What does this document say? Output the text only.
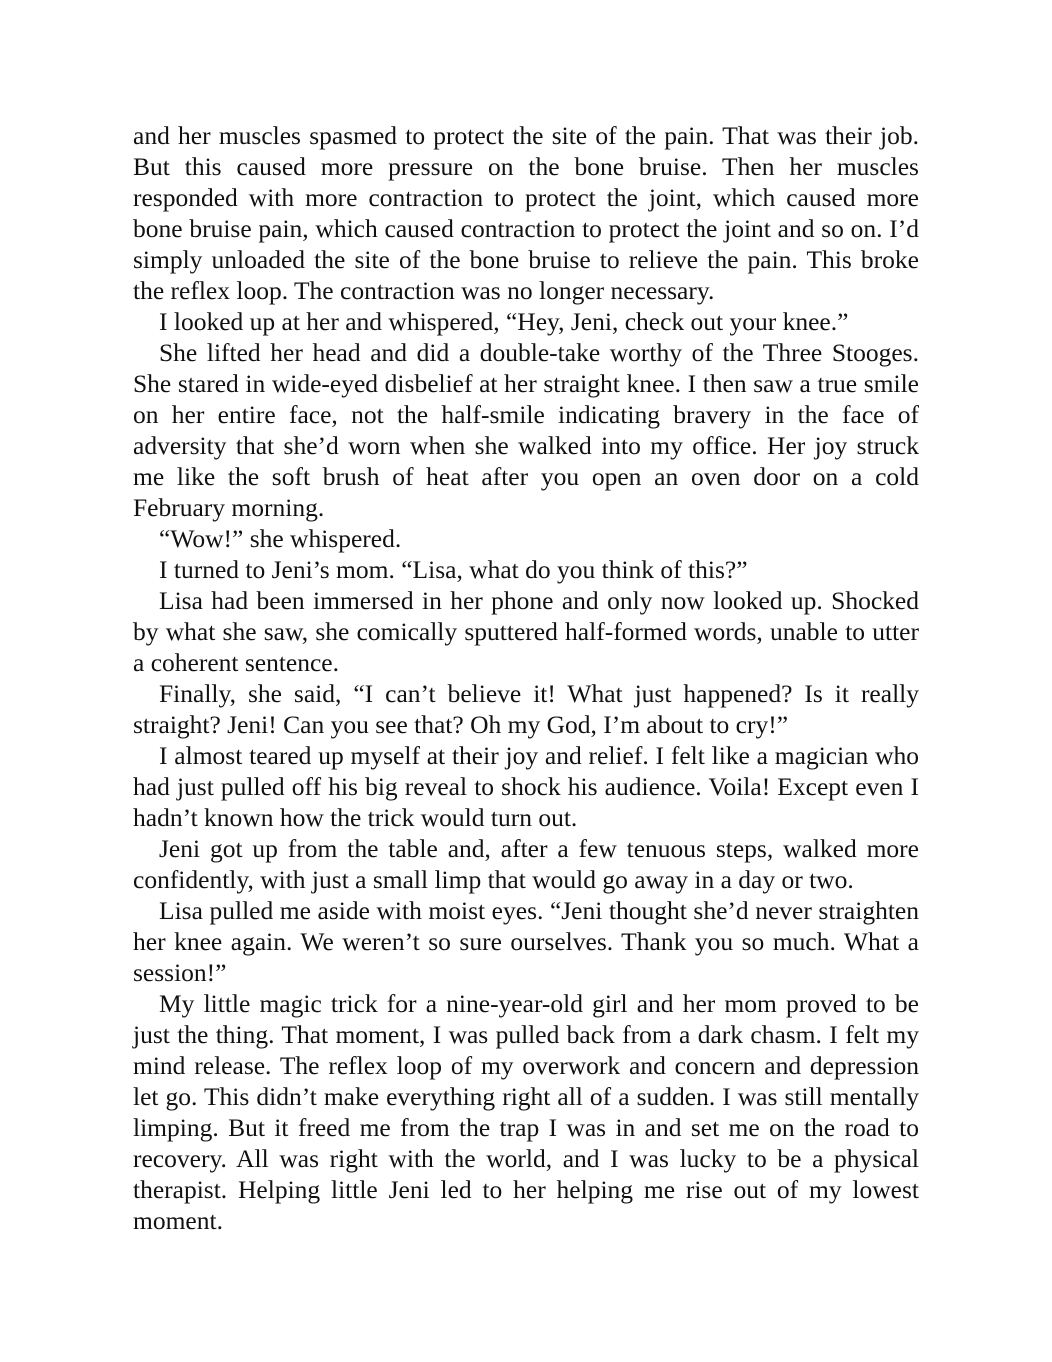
and her muscles spasmed to protect the site of the pain. That was their job. But this caused more pressure on the bone bruise. Then her muscles responded with more contraction to protect the joint, which caused more bone bruise pain, which caused contraction to protect the joint and so on. I’d simply unloaded the site of the bone bruise to relieve the pain. This broke the reflex loop. The contraction was no longer necessary.

I looked up at her and whispered, “Hey, Jeni, check out your knee.”

She lifted her head and did a double-take worthy of the Three Stooges. She stared in wide-eyed disbelief at her straight knee. I then saw a true smile on her entire face, not the half-smile indicating bravery in the face of adversity that she’d worn when she walked into my office. Her joy struck me like the soft brush of heat after you open an oven door on a cold February morning.

“Wow!” she whispered.

I turned to Jeni’s mom. “Lisa, what do you think of this?”

Lisa had been immersed in her phone and only now looked up. Shocked by what she saw, she comically sputtered half-formed words, unable to utter a coherent sentence.

Finally, she said, “I can’t believe it! What just happened? Is it really straight? Jeni! Can you see that? Oh my God, I’m about to cry!”

I almost teared up myself at their joy and relief. I felt like a magician who had just pulled off his big reveal to shock his audience. Voila! Except even I hadn’t known how the trick would turn out.

Jeni got up from the table and, after a few tenuous steps, walked more confidently, with just a small limp that would go away in a day or two.

Lisa pulled me aside with moist eyes. “Jeni thought she’d never straighten her knee again. We weren’t so sure ourselves. Thank you so much. What a session!”

My little magic trick for a nine-year-old girl and her mom proved to be just the thing. That moment, I was pulled back from a dark chasm. I felt my mind release. The reflex loop of my overwork and concern and depression let go. This didn’t make everything right all of a sudden. I was still mentally limping. But it freed me from the trap I was in and set me on the road to recovery. All was right with the world, and I was lucky to be a physical therapist. Helping little Jeni led to her helping me rise out of my lowest moment.
